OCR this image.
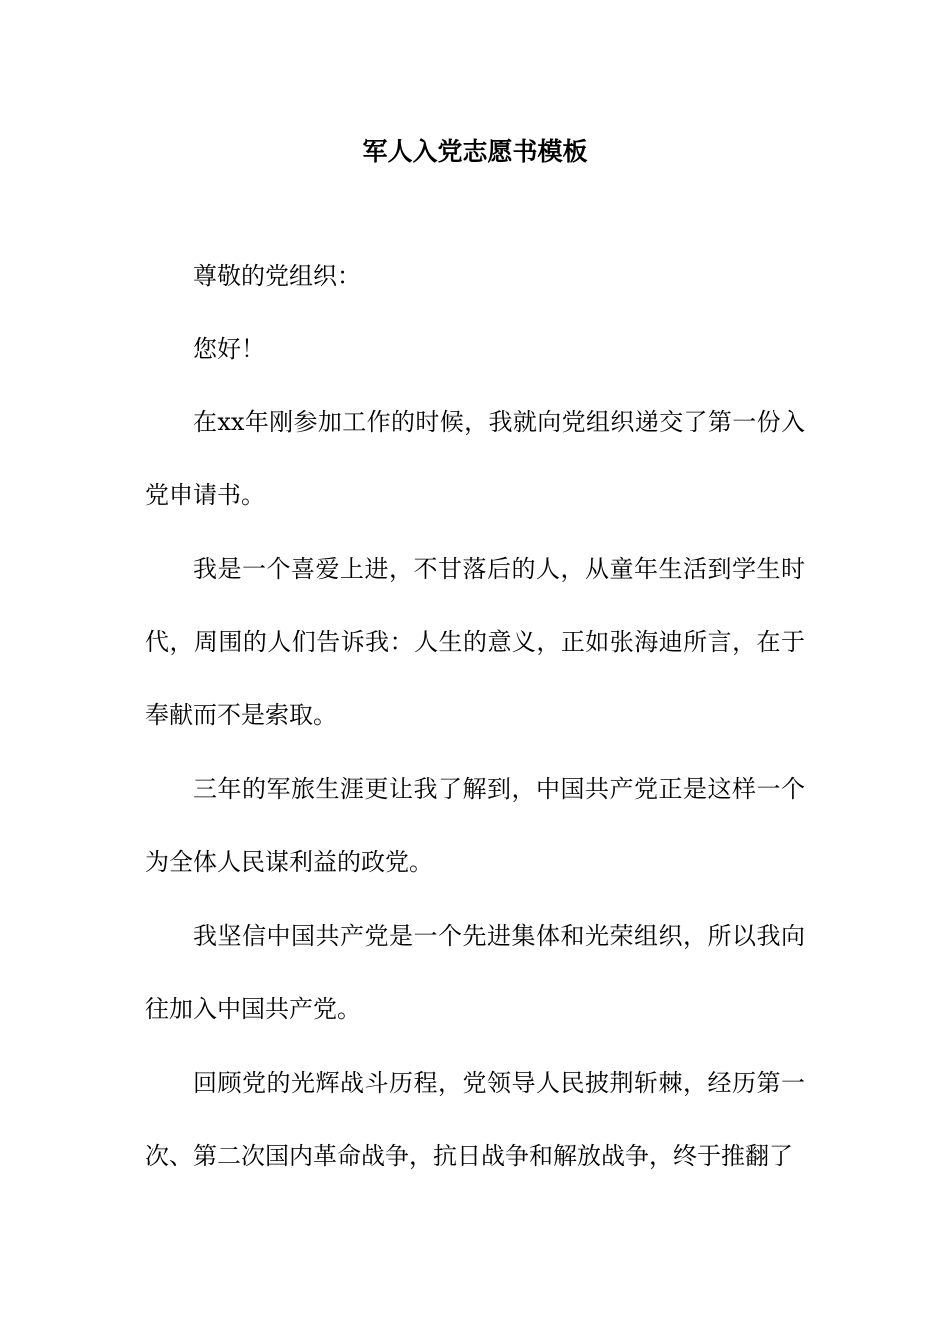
军人入党志愿书模板

尊敬的党组织：

您好！

在xx年刚参加工作的时候，我就向党组织递交了第一份入党申请书。

我是一个喜爱上进，不甘落后的人，从童年生活到学生时代，周围的人们告诉我：人生的意义，正如张海迪所言，在于奉献而不是索取。

三年的军旅生涯更让我了解到，中国共产党正是这样一个为全体人民谋利益的政党。

我坚信中国共产党是一个先进集体和光荣组织，所以我向往加入中国共产党。

回顾党的光辉战斗历程，党领导人民披荆斩棘，经历第一次、第二次国内革命战争，抗日战争和解放战争，终于推翻了
